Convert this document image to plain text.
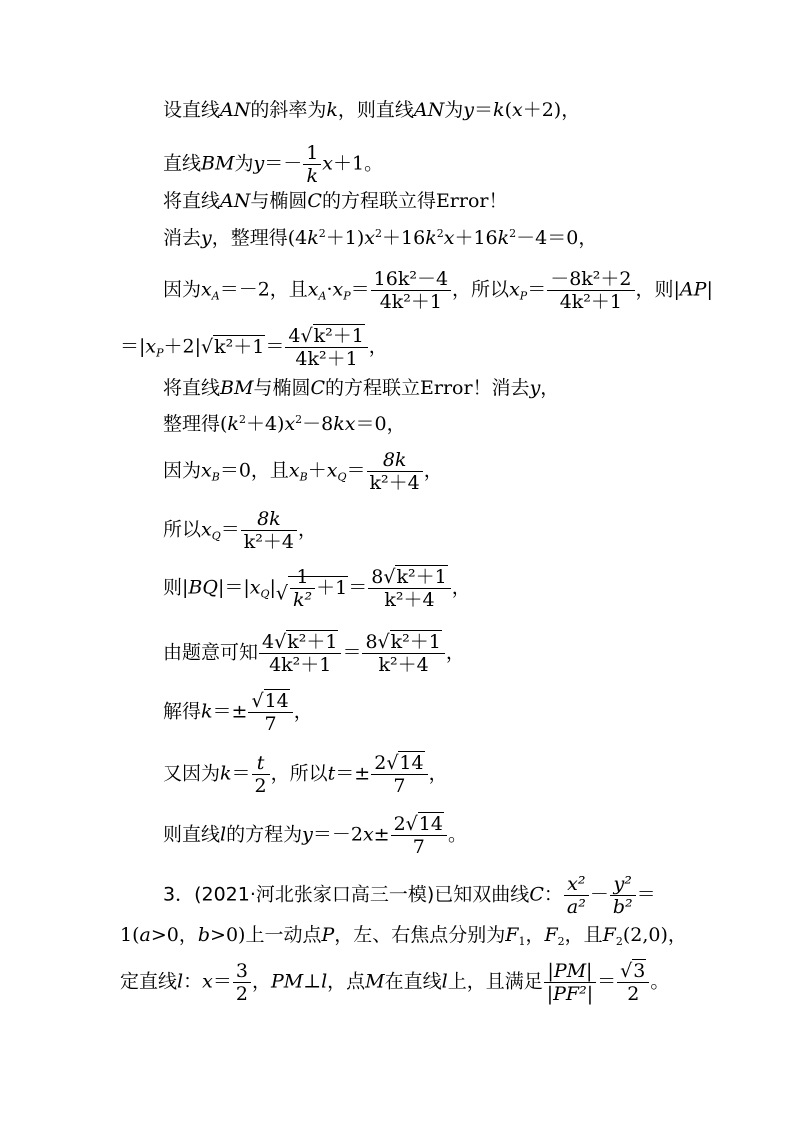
设直线AN的斜率为k，则直线AN为y＝k(x＋2)，
直线BM为$y=- \frac{1}{k} x+1$。
将直线AN与椭圆C的方程联立得Error！
消去y，整理得$(4k^2+1)x^2+16k^2x+16k^2-4=0$，
因为$x_A=-2$，且$x_A\cdot x_P= \frac{\text{16k²－4}}{\text{4k²＋1}}$ ，所以$x_P= \frac{\text{－8k²＋2}}{\text{4k²＋1}}$ ，则|AP|
$=|x_P+2|√k^2+1= \frac{\text{4√k²＋1}}{\text{4k²＋1}}$ ，
将直线BM与椭圆C的方程联立Error！消去y，
整理得$(k^2+4)x^2-8kx=0$，
因为$x_B=0$，且$x_B+x_Q= \frac{8k}{\text{k²＋4}}$ ，
所以$x_Q= \frac{8k}{\text{k²＋4}}$ ，
则$|BQ|=|x_Q|√ \frac{1}{\text{k²}} +1= \frac{\text{8√k²＋1}}{\text{k²＋4}}$ ，
由题意可知 $\frac{\text{4√k²＋1}}{\text{4k²＋1}} = \frac{\text{8√k²＋1}}{\text{k²＋4}}$ ，
解得$k=\pm \frac{√14}{7}$ ，
又因为$k= \frac{t}{2}$ ，所以$t=\pm \frac{2√14}{7}$ ，
则直线l的方程为$y=-2x\pm \frac{2√14}{7}$ 。
3．(2021·河北张家口高三一模)已知双曲线C： $\frac{\text{x²}}{\text{a²}} - \frac{\text{y²}}{\text{b²}}$ ＝
1(a>0，b>0)上一动点P，左、右焦点分别为$F_1$，$F_2$，且$F_2(2,0)$，
定直线l：$x= \frac{3}{2}$ ，PM⊥l，点M在直线l上，且满足 $\frac{|PM|}{\text{|PF²|}} = \frac{√3}{2}$ 。
